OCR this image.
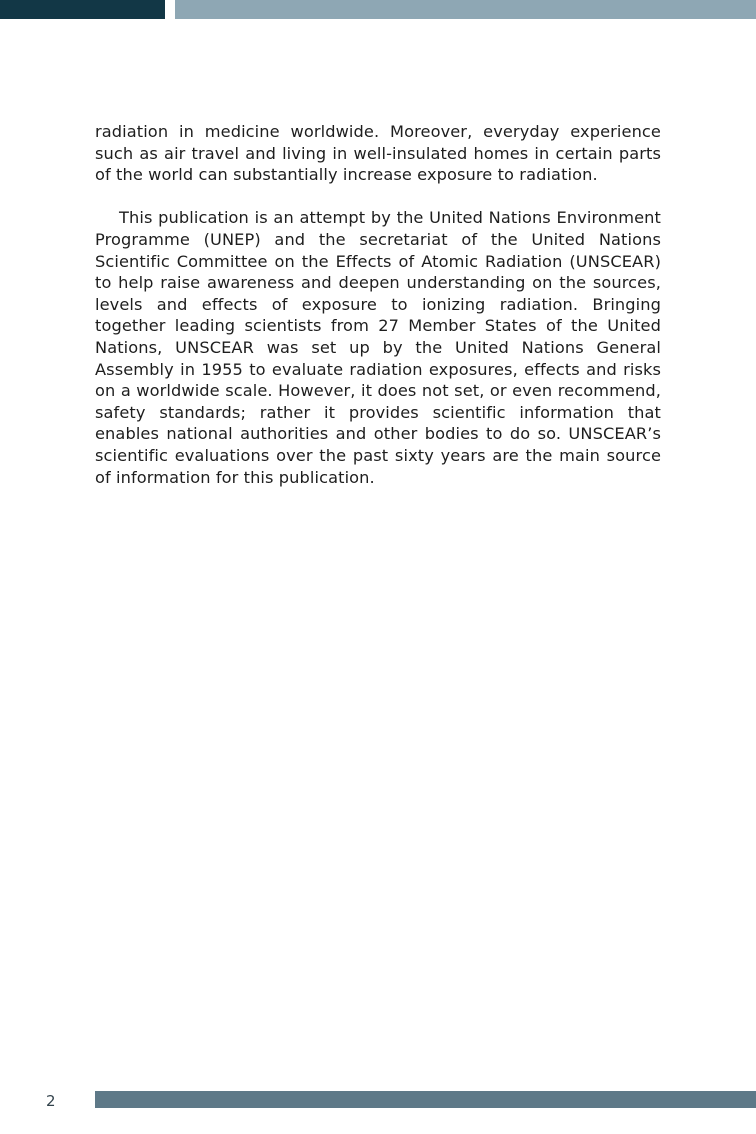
radiation in medicine worldwide. Moreover, everyday experience such as air travel and living in well-insulated homes in certain parts of the world can substantially increase exposure to radiation.

This publication is an attempt by the United Nations Environment Programme (UNEP) and the secretariat of the United Nations Scientific Committee on the Effects of Atomic Radiation (UNSCEAR) to help raise awareness and deepen understanding on the sources, levels and effects of exposure to ionizing radiation. Bringing together leading scientists from 27 Member States of the United Nations, UNSCEAR was set up by the United Nations General Assembly in 1955 to evaluate radiation exposures, effects and risks on a worldwide scale. However, it does not set, or even recommend, safety standards; rather it provides scientific information that enables national authorities and other bodies to do so. UNSCEAR’s scientific evaluations over the past sixty years are the main source of information for this publication.

2
